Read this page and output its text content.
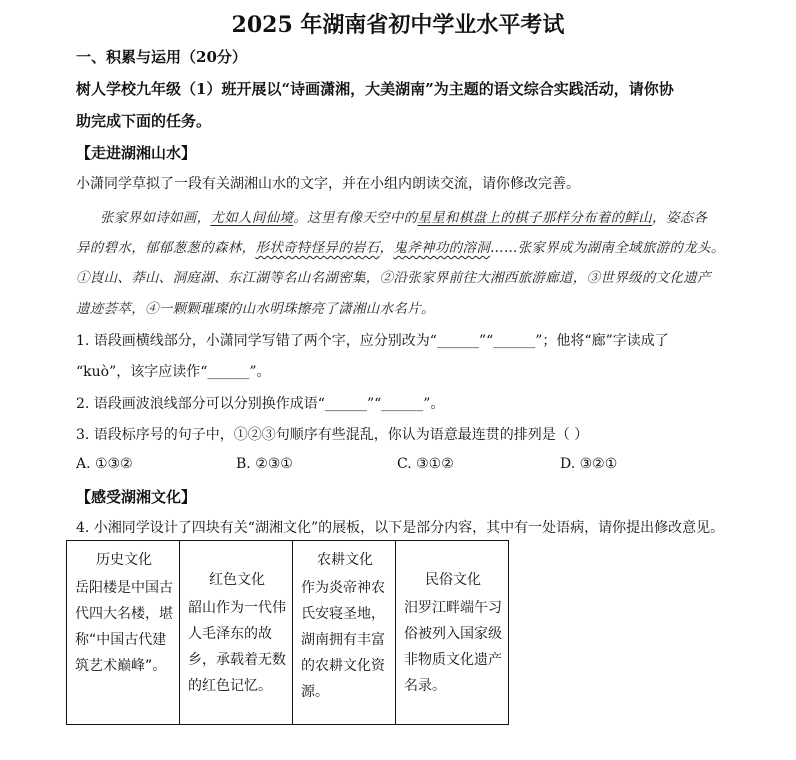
2025 年湖南省初中学业水平考试
一、积累与运用（20分）
树人学校九年级（1）班开展以“诗画潇湘，大美湖南”为主题的语文综合实践活动，请你协
助完成下面的任务。
【走进湖湘山水】
小潇同学草拟了一段有关湖湘山水的文字，并在小组内朗读交流，请你修改完善。
张家界如诗如画，尤如人间仙境。这里有像天空中的星星和棋盘上的棋子那样分布着的鲜山，姿态各
异的碧水，郁郁葱葱的森林，形状奇特怪异的岩石，鬼斧神功的溶洞……张家界成为湖南全域旅游的龙头。
①崀山、莽山、洞庭湖、东江湖等名山名湖密集，②沿张家界前往大湘西旅游廊道，③世界级的文化遗产
遗迹荟萃，④一颗颗璀璨的山水明珠擦亮了潇湘山水名片。
1. 语段画横线部分，小潇同学写错了两个字，应分别改为“______”“______”；他将“廊”字读成了
“kuò”，该字应读作“______”。
2. 语段画波浪线部分可以分别换作成语“______”“______”。
3. 语段标序号的句子中，①②③句顺序有些混乱，你认为语意最连贯的排列是（ ）
A. ①③②	B. ②③①	C. ③①②	D. ③②①
【感受湖湘文化】
4. 小湘同学设计了四块有关“湖湘文化”的展板，以下是部分内容，其中有一处语病，请你提出修改意见。
历史文化
岳阳楼是中国古代四大名楼，堪称“中国古代建筑艺术巅峰”。

红色文化
韶山作为一代伟人毛泽东的故乡，承载着无数的红色记忆。

农耕文化
作为炎帝神农氏安寝圣地，湖南拥有丰富的农耕文化资源。

民俗文化
汨罗江畔端午习俗被列入国家级非物质文化遗产名录。
